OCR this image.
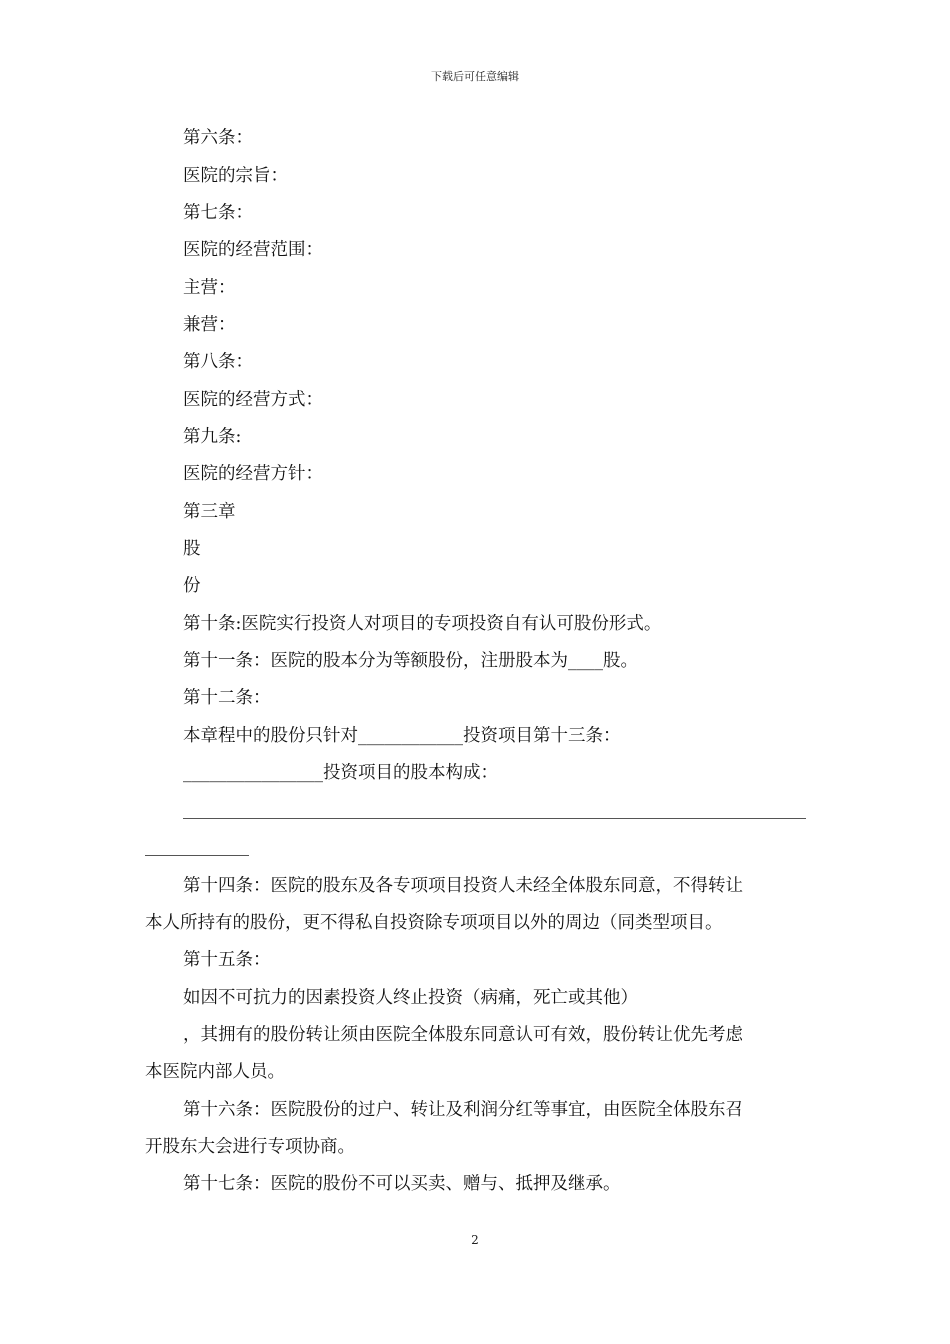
下载后可任意编辑
第六条：
医院的宗旨：
第七条：
医院的经营范围：
主营：
兼营：
第八条：
医院的经营方式：
第九条:
医院的经营方针：
第三章
股
份
第十条:医院实行投资人对项目的专项投资自有认可股份形式。
第十一条：医院的股本分为等额股份，注册股本为____股。
第十二条：
本章程中的股份只针对____________投资项目第十三条：
________________投资项目的股本构成：
第十四条：医院的股东及各专项项目投资人未经全体股东同意，不得转让
本人所持有的股份，更不得私自投资除专项项目以外的周边（同类型项目。
第十五条：
如因不可抗力的因素投资人终止投资（病痛，死亡或其他）
，其拥有的股份转让须由医院全体股东同意认可有效，股份转让优先考虑
本医院内部人员。
第十六条：医院股份的过户、转让及利润分红等事宜，由医院全体股东召
开股东大会进行专项协商。
第十七条：医院的股份不可以买卖、赠与、抵押及继承。
2
